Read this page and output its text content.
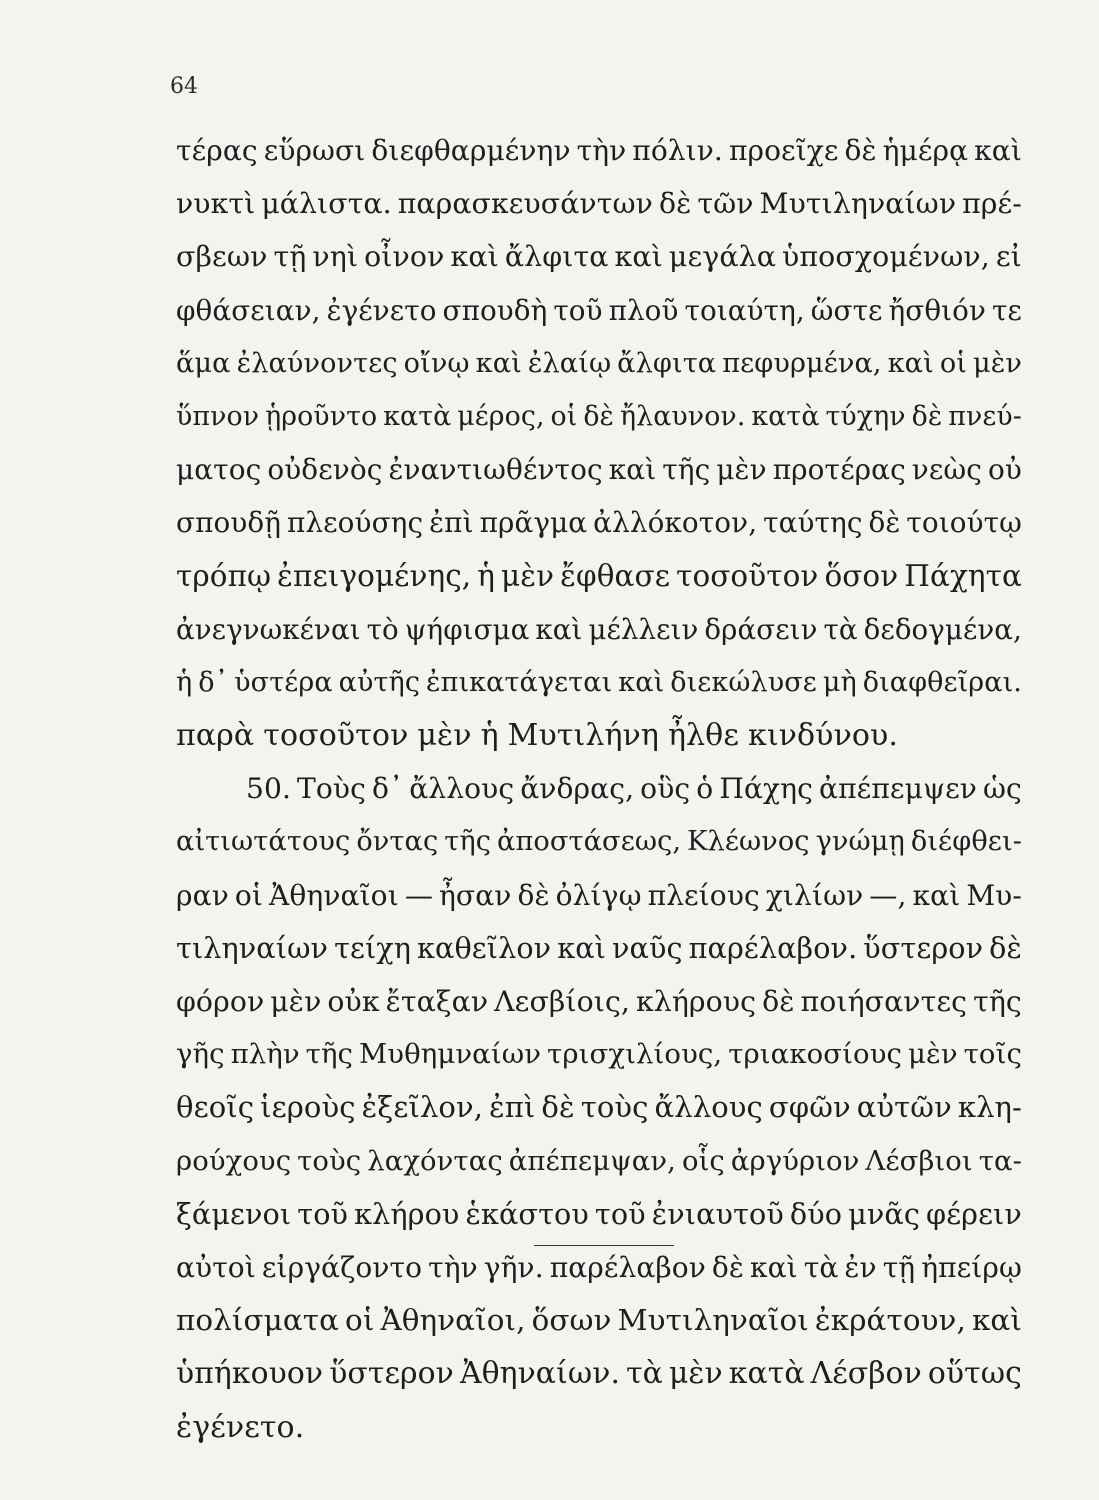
64
τέρας εὕρωσι διεφθαρμένην τὴν πόλιν. προεῖχε δὲ ἡμέρᾳ καὶ
νυκτὶ μάλιστα. παρασκευσάντων δὲ τῶν Μυτιληναίων πρέ-
σβεων τῇ νηὶ οἶνον καὶ ἄλφιτα καὶ μεγάλα ὑποσχομένων, εἰ
φθάσειαν, ἐγένετο σπουδὴ τοῦ πλοῦ τοιαύτη, ὥστε ἤσθιόν τε
ἅμα ἐλαύνοντες οἴνῳ καὶ ἐλαίῳ ἄλφιτα πεφυρμένα, καὶ οἱ μὲν
ὕπνον ᾑροῦντο κατὰ μέρος, οἱ δὲ ἤλαυνον. κατὰ τύχην δὲ πνεύ-
ματος οὐδενὸς ἐναντιωθέντος καὶ τῆς μὲν προτέρας νεὼς οὐ
σπουδῇ πλεούσης ἐπὶ πρᾶγμα ἀλλόκοτον, ταύτης δὲ τοιούτῳ
τρόπῳ ἐπειγομένης, ἡ μὲν ἔφθασε τοσοῦτον ὅσον Πάχητα
ἀνεγνωκέναι τὸ ψήφισμα καὶ μέλλειν δράσειν τὰ δεδογμένα,
ἡ δ᾽ ὑστέρα αὐτῆς ἐπικατάγεται καὶ διεκώλυσε μὴ διαφθεῖραι.
παρὰ τοσοῦτον μὲν ἡ Μυτιλήνη ἦλθε κινδύνου.
50. Τοὺς δ᾽ ἄλλους ἄνδρας, οὓς ὁ Πάχης ἀπέπεμψεν ὡς
αἰτιωτάτους ὄντας τῆς ἀποστάσεως, Κλέωνος γνώμῃ διέφθει-
ραν οἱ Ἀθηναῖοι — ἦσαν δὲ ὀλίγῳ πλείους χιλίων —, καὶ Μυ-
τιληναίων τείχη καθεῖλον καὶ ναῦς παρέλαβον. ὕστερον δὲ
φόρον μὲν οὐκ ἔταξαν Λεσβίοις, κλήρους δὲ ποιήσαντες τῆς
γῆς πλὴν τῆς Μυθημναίων τρισχιλίους, τριακοσίους μὲν τοῖς
θεοῖς ἱεροὺς ἐξεῖλον, ἐπὶ δὲ τοὺς ἄλλους σφῶν αὐτῶν κλη-
ρούχους τοὺς λαχόντας ἀπέπεμψαν, οἷς ἀργύριον Λέσβιοι τα-
ξάμενοι τοῦ κλήρου ἑκάστου τοῦ ἐνιαυτοῦ δύο μνᾶς φέρειν
αὐτοὶ εἰργάζοντο τὴν γῆν. παρέλαβον δὲ καὶ τὰ ἐν τῇ ἠπείρῳ
πολίσματα οἱ Ἀθηναῖοι, ὅσων Μυτιληναῖοι ἐκράτουν, καὶ
ὑπήκουον ὕστερον Ἀθηναίων. τὰ μὲν κατὰ Λέσβον οὕτως
ἐγένετο.
